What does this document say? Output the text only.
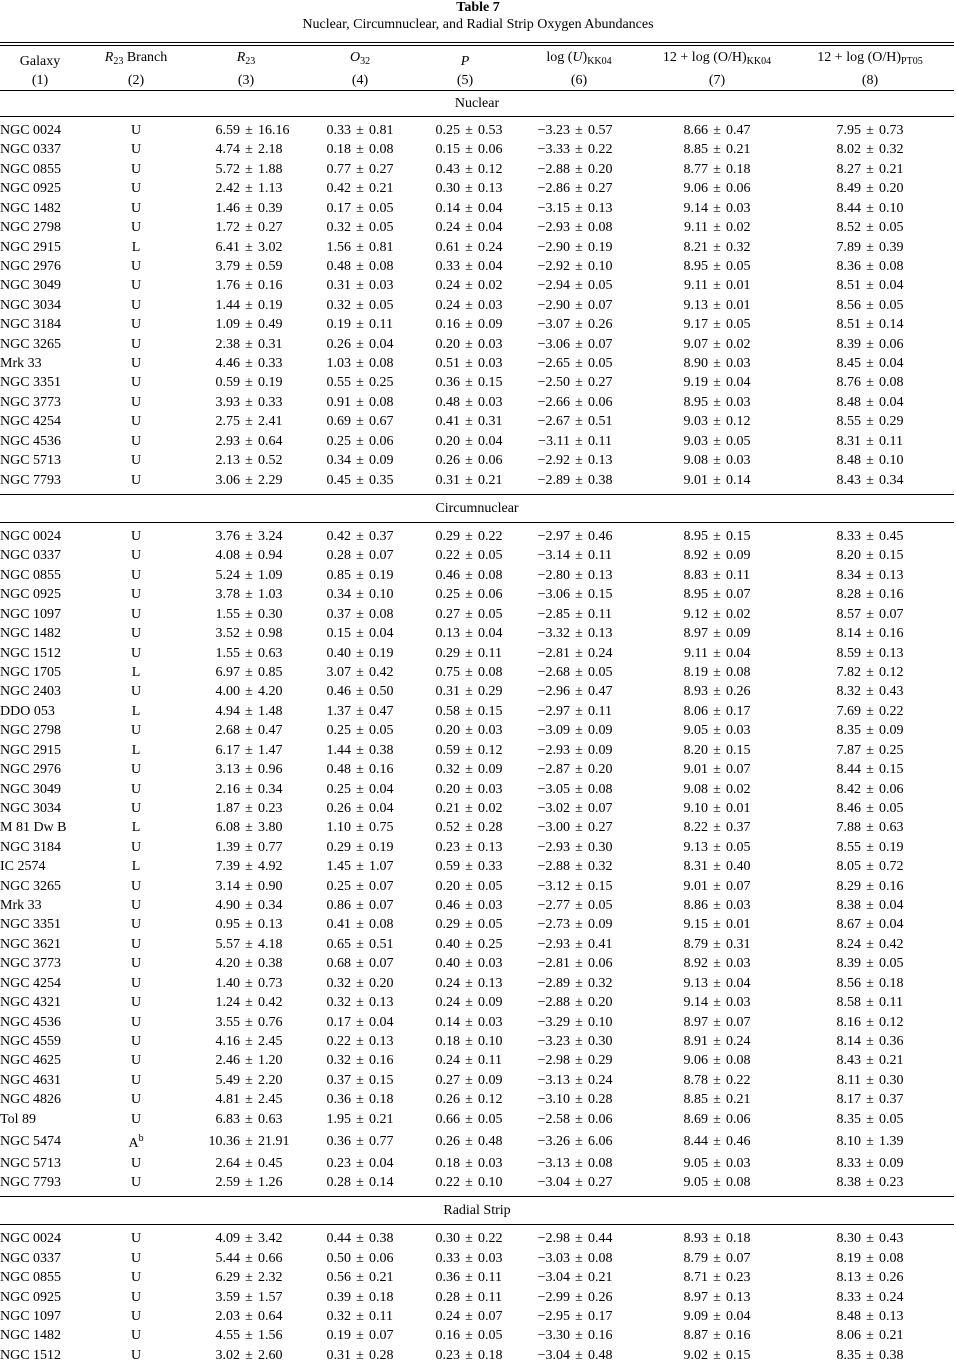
Table 7
Nuclear, Circumnuclear, and Radial Strip Oxygen Abundances
Galaxy	$R_{23}$ Branch	$R_{23}$	$O_{32}$	P	$\log (U)_{KK04}$	$12 + \log (O/H)_{KK04}$	$12 + \log (O/H)_{PT05}$
(1)	(2)	(3)	(4)	(5)	(6)	(7)	(8)
Nuclear							

NGC 0024	U	6.59 ± 16.16	0.33 ± 0.81	0.25 ± 0.53	−3.23 ± 0.57	8.66 ± 0.47	7.95 ± 0.73
NGC 0337	U	4.74 ± 2.18	0.18 ± 0.08	0.15 ± 0.06	−3.33 ± 0.22	8.85 ± 0.21	8.02 ± 0.32
NGC 0855	U	5.72 ± 1.88	0.77 ± 0.27	0.43 ± 0.12	−2.88 ± 0.20	8.77 ± 0.18	8.27 ± 0.21
NGC 0925	U	2.42 ± 1.13	0.42 ± 0.21	0.30 ± 0.13	−2.86 ± 0.27	9.06 ± 0.06	8.49 ± 0.20
NGC 1482	U	1.46 ± 0.39	0.17 ± 0.05	0.14 ± 0.04	−3.15 ± 0.13	9.14 ± 0.03	8.44 ± 0.10
NGC 2798	U	1.72 ± 0.27	0.32 ± 0.05	0.24 ± 0.04	−2.93 ± 0.08	9.11 ± 0.02	8.52 ± 0.05
NGC 2915	L	6.41 ± 3.02	1.56 ± 0.81	0.61 ± 0.24	−2.90 ± 0.19	8.21 ± 0.32	7.89 ± 0.39
NGC 2976	U	3.79 ± 0.59	0.48 ± 0.08	0.33 ± 0.04	−2.92 ± 0.10	8.95 ± 0.05	8.36 ± 0.08
NGC 3049	U	1.76 ± 0.16	0.31 ± 0.03	0.24 ± 0.02	−2.94 ± 0.05	9.11 ± 0.01	8.51 ± 0.04
NGC 3034	U	1.44 ± 0.19	0.32 ± 0.05	0.24 ± 0.03	−2.90 ± 0.07	9.13 ± 0.01	8.56 ± 0.05
NGC 3184	U	1.09 ± 0.49	0.19 ± 0.11	0.16 ± 0.09	−3.07 ± 0.26	9.17 ± 0.05	8.51 ± 0.14
NGC 3265	U	2.38 ± 0.31	0.26 ± 0.04	0.20 ± 0.03	−3.06 ± 0.07	9.07 ± 0.02	8.39 ± 0.06
Mrk 33	U	4.46 ± 0.33	1.03 ± 0.08	0.51 ± 0.03	−2.65 ± 0.05	8.90 ± 0.03	8.45 ± 0.04
NGC 3351	U	0.59 ± 0.19	0.55 ± 0.25	0.36 ± 0.15	−2.50 ± 0.27	9.19 ± 0.04	8.76 ± 0.08
NGC 3773	U	3.93 ± 0.33	0.91 ± 0.08	0.48 ± 0.03	−2.66 ± 0.06	8.95 ± 0.03	8.48 ± 0.04
NGC 4254	U	2.75 ± 2.41	0.69 ± 0.67	0.41 ± 0.31	−2.67 ± 0.51	9.03 ± 0.12	8.55 ± 0.29
NGC 4536	U	2.93 ± 0.64	0.25 ± 0.06	0.20 ± 0.04	−3.11 ± 0.11	9.03 ± 0.05	8.31 ± 0.11
NGC 5713	U	2.13 ± 0.52	0.34 ± 0.09	0.26 ± 0.06	−2.92 ± 0.13	9.08 ± 0.03	8.48 ± 0.10
NGC 7793	U	3.06 ± 2.29	0.45 ± 0.35	0.31 ± 0.21	−2.89 ± 0.38	9.01 ± 0.14	8.43 ± 0.34

Circumnuclear							

NGC 0024	U	3.76 ± 3.24	0.42 ± 0.37	0.29 ± 0.22	−2.97 ± 0.46	8.95 ± 0.15	8.33 ± 0.45
NGC 0337	U	4.08 ± 0.94	0.28 ± 0.07	0.22 ± 0.05	−3.14 ± 0.11	8.92 ± 0.09	8.20 ± 0.15
NGC 0855	U	5.24 ± 1.09	0.85 ± 0.19	0.46 ± 0.08	−2.80 ± 0.13	8.83 ± 0.11	8.34 ± 0.13
NGC 0925	U	3.78 ± 1.03	0.34 ± 0.10	0.25 ± 0.06	−3.06 ± 0.15	8.95 ± 0.07	8.28 ± 0.16
NGC 1097	U	1.55 ± 0.30	0.37 ± 0.08	0.27 ± 0.05	−2.85 ± 0.11	9.12 ± 0.02	8.57 ± 0.07
NGC 1482	U	3.52 ± 0.98	0.15 ± 0.04	0.13 ± 0.04	−3.32 ± 0.13	8.97 ± 0.09	8.14 ± 0.16
NGC 1512	U	1.55 ± 0.63	0.40 ± 0.19	0.29 ± 0.11	−2.81 ± 0.24	9.11 ± 0.04	8.59 ± 0.13
NGC 1705	L	6.97 ± 0.85	3.07 ± 0.42	0.75 ± 0.08	−2.68 ± 0.05	8.19 ± 0.08	7.82 ± 0.12
NGC 2403	U	4.00 ± 4.20	0.46 ± 0.50	0.31 ± 0.29	−2.96 ± 0.47	8.93 ± 0.26	8.32 ± 0.43
DDO 053	L	4.94 ± 1.48	1.37 ± 0.47	0.58 ± 0.15	−2.97 ± 0.11	8.06 ± 0.17	7.69 ± 0.22
NGC 2798	U	2.68 ± 0.47	0.25 ± 0.05	0.20 ± 0.03	−3.09 ± 0.09	9.05 ± 0.03	8.35 ± 0.09
NGC 2915	L	6.17 ± 1.47	1.44 ± 0.38	0.59 ± 0.12	−2.93 ± 0.09	8.20 ± 0.15	7.87 ± 0.25
NGC 2976	U	3.13 ± 0.96	0.48 ± 0.16	0.32 ± 0.09	−2.87 ± 0.20	9.01 ± 0.07	8.44 ± 0.15
NGC 3049	U	2.16 ± 0.34	0.25 ± 0.04	0.20 ± 0.03	−3.05 ± 0.08	9.08 ± 0.02	8.42 ± 0.06
NGC 3034	U	1.87 ± 0.23	0.26 ± 0.04	0.21 ± 0.02	−3.02 ± 0.07	9.10 ± 0.01	8.46 ± 0.05
M 81 Dw B	L	6.08 ± 3.80	1.10 ± 0.75	0.52 ± 0.28	−3.00 ± 0.27	8.22 ± 0.37	7.88 ± 0.63
NGC 3184	U	1.39 ± 0.77	0.29 ± 0.19	0.23 ± 0.13	−2.93 ± 0.30	9.13 ± 0.05	8.55 ± 0.19
IC 2574	L	7.39 ± 4.92	1.45 ± 1.07	0.59 ± 0.33	−2.88 ± 0.32	8.31 ± 0.40	8.05 ± 0.72
NGC 3265	U	3.14 ± 0.90	0.25 ± 0.07	0.20 ± 0.05	−3.12 ± 0.15	9.01 ± 0.07	8.29 ± 0.16
Mrk 33	U	4.90 ± 0.34	0.86 ± 0.07	0.46 ± 0.03	−2.77 ± 0.05	8.86 ± 0.03	8.38 ± 0.04
NGC 3351	U	0.95 ± 0.13	0.41 ± 0.08	0.29 ± 0.05	−2.73 ± 0.09	9.15 ± 0.01	8.67 ± 0.04
NGC 3621	U	5.57 ± 4.18	0.65 ± 0.51	0.40 ± 0.25	−2.93 ± 0.41	8.79 ± 0.31	8.24 ± 0.42
NGC 3773	U	4.20 ± 0.38	0.68 ± 0.07	0.40 ± 0.03	−2.81 ± 0.06	8.92 ± 0.03	8.39 ± 0.05
NGC 4254	U	1.40 ± 0.73	0.32 ± 0.20	0.24 ± 0.13	−2.89 ± 0.32	9.13 ± 0.04	8.56 ± 0.18
NGC 4321	U	1.24 ± 0.42	0.32 ± 0.13	0.24 ± 0.09	−2.88 ± 0.20	9.14 ± 0.03	8.58 ± 0.11
NGC 4536	U	3.55 ± 0.76	0.17 ± 0.04	0.14 ± 0.03	−3.29 ± 0.10	8.97 ± 0.07	8.16 ± 0.12
NGC 4559	U	4.16 ± 2.45	0.22 ± 0.13	0.18 ± 0.10	−3.23 ± 0.30	8.91 ± 0.24	8.14 ± 0.36
NGC 4625	U	2.46 ± 1.20	0.32 ± 0.16	0.24 ± 0.11	−2.98 ± 0.29	9.06 ± 0.08	8.43 ± 0.21
NGC 4631	U	5.49 ± 2.20	0.37 ± 0.15	0.27 ± 0.09	−3.13 ± 0.24	8.78 ± 0.22	8.11 ± 0.30
NGC 4826	U	4.81 ± 2.45	0.36 ± 0.18	0.26 ± 0.12	−3.10 ± 0.28	8.85 ± 0.21	8.17 ± 0.37
Tol 89	U	6.83 ± 0.63	1.95 ± 0.21	0.66 ± 0.05	−2.58 ± 0.06	8.69 ± 0.06	8.35 ± 0.05
NGC 5474	$A^b$	10.36 ± 21.91	0.36 ± 0.77	0.26 ± 0.48	−3.26 ± 6.06	8.44 ± 0.46	8.10 ± 1.39
NGC 5713	U	2.64 ± 0.45	0.23 ± 0.04	0.18 ± 0.03	−3.13 ± 0.08	9.05 ± 0.03	8.33 ± 0.09
NGC 7793	U	2.59 ± 1.26	0.28 ± 0.14	0.22 ± 0.10	−3.04 ± 0.27	9.05 ± 0.08	8.38 ± 0.23

Radial Strip							

NGC 0024	U	4.09 ± 3.42	0.44 ± 0.38	0.30 ± 0.22	−2.98 ± 0.44	8.93 ± 0.18	8.30 ± 0.43
NGC 0337	U	5.44 ± 0.66	0.50 ± 0.06	0.33 ± 0.03	−3.03 ± 0.08	8.79 ± 0.07	8.19 ± 0.08
NGC 0855	U	6.29 ± 2.32	0.56 ± 0.21	0.36 ± 0.11	−3.04 ± 0.21	8.71 ± 0.23	8.13 ± 0.26
NGC 0925	U	3.59 ± 1.57	0.39 ± 0.18	0.28 ± 0.11	−2.99 ± 0.26	8.97 ± 0.13	8.33 ± 0.24
NGC 1097	U	2.03 ± 0.64	0.32 ± 0.11	0.24 ± 0.07	−2.95 ± 0.17	9.09 ± 0.04	8.48 ± 0.13
NGC 1482	U	4.55 ± 1.56	0.19 ± 0.07	0.16 ± 0.05	−3.30 ± 0.16	8.87 ± 0.16	8.06 ± 0.21
NGC 1512	U	3.02 ± 2.60	0.31 ± 0.28	0.23 ± 0.18	−3.04 ± 0.48	9.02 ± 0.15	8.35 ± 0.38
